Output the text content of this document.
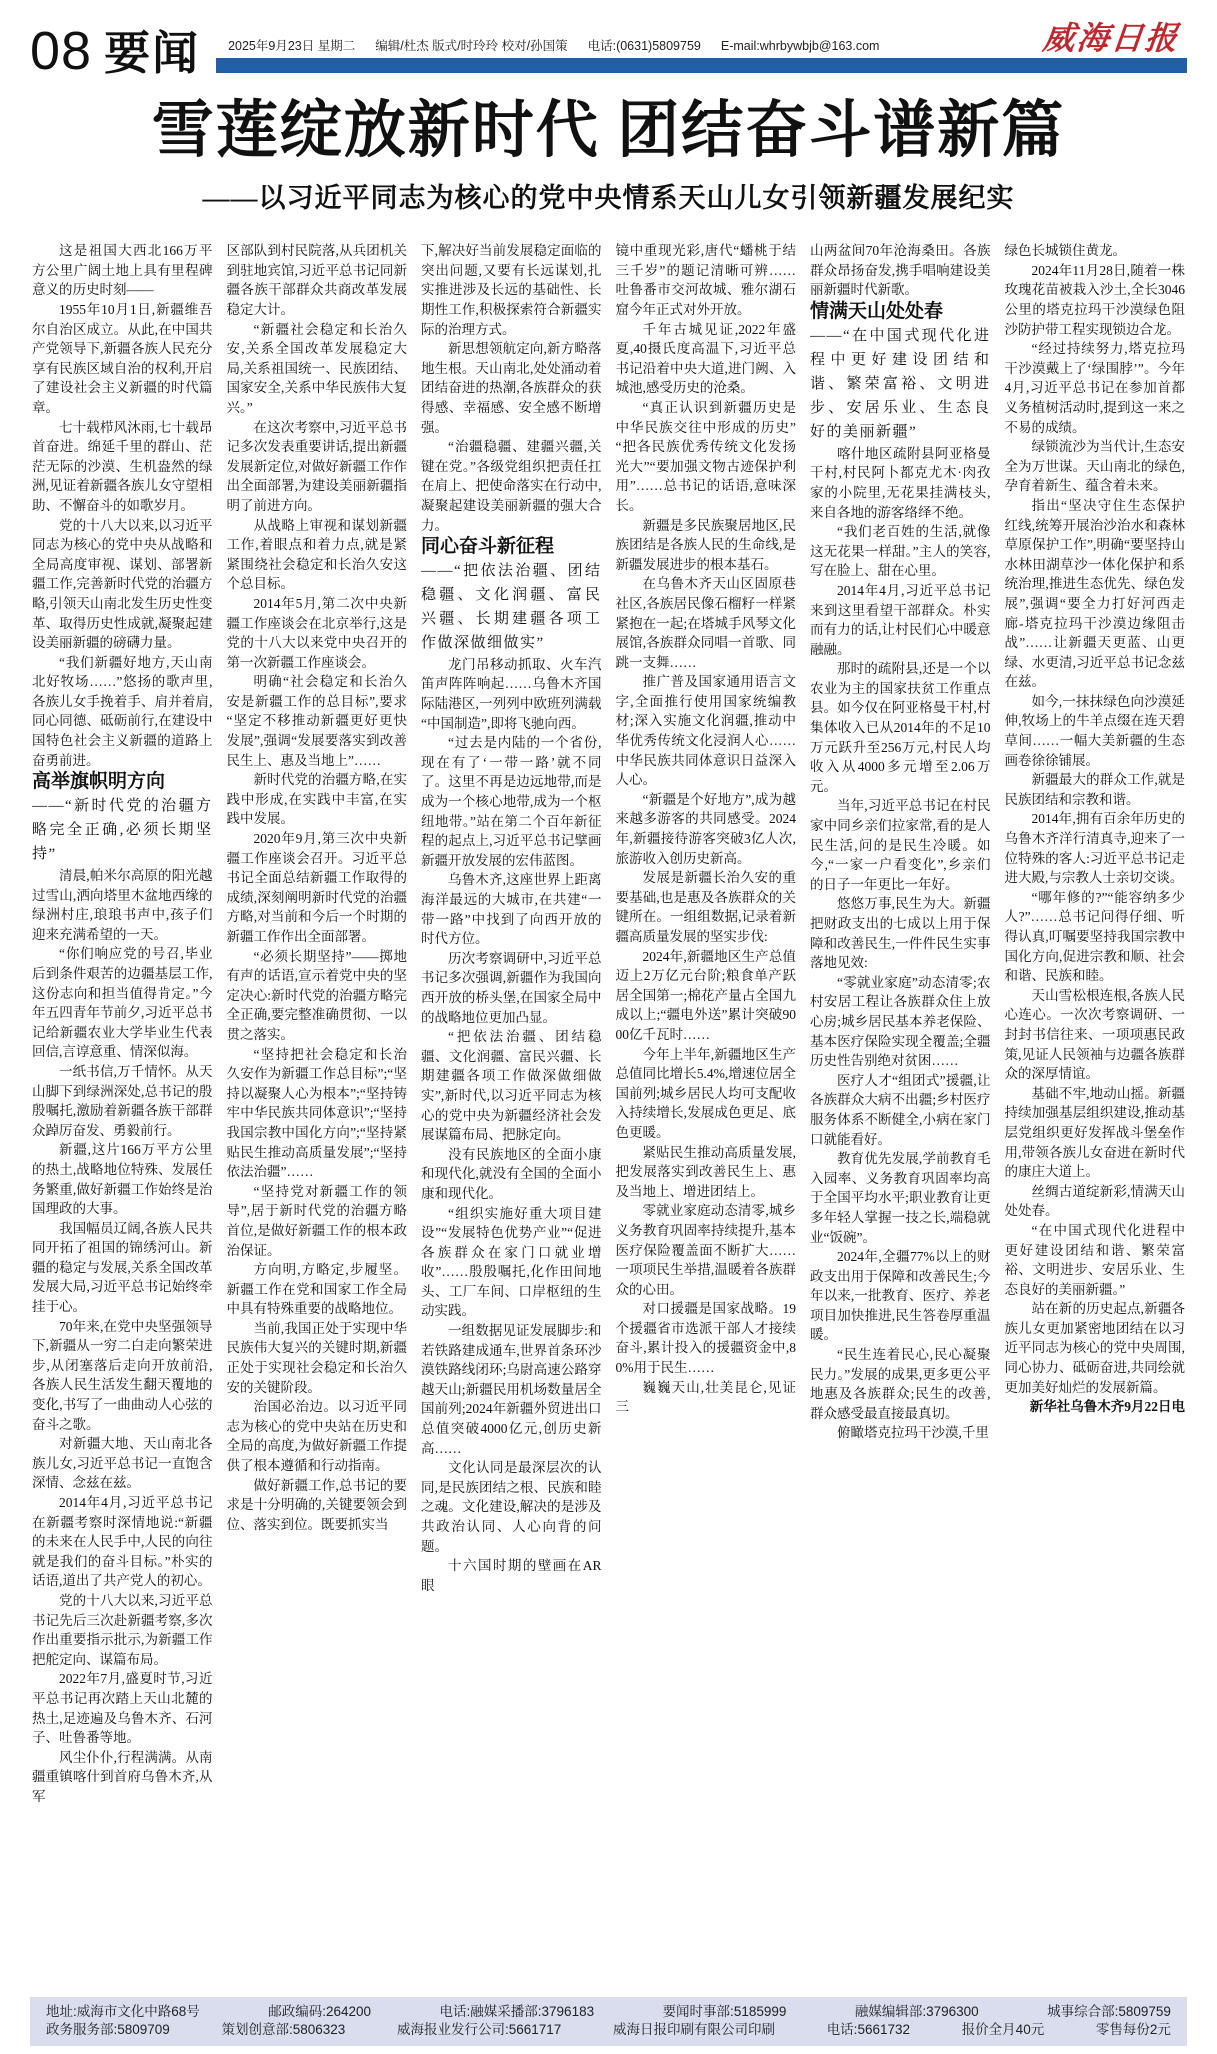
08 要闻 2025年9月23日 星期二 编辑/杜杰 版式/时玲玲 校对/孙国策 电话:(0631)5809759 E-mail:whrbywbjb@163.com	威海日报
雪莲绽放新时代 团结奋斗谱新篇
——以习近平同志为核心的党中央情系天山儿女引领新疆发展纪实

这是祖国大西北166万平方公里广阔土地上具有里程碑意义的历史时刻——

1955年10月1日,新疆维吾尔自治区成立。从此,在中国共产党领导下,新疆各族人民充分享有民族区域自治的权利,开启了建设社会主义新疆的时代篇章。

七十载栉风沐雨,七十载昂首奋进。绵延千里的群山、茫茫无际的沙漠、生机盎然的绿洲,见证着新疆各族儿女守望相助、不懈奋斗的如歌岁月。

党的十八大以来,以习近平同志为核心的党中央从战略和全局高度审视、谋划、部署新疆工作,完善新时代党的治疆方略,引领天山南北发生历史性变革、取得历史性成就,凝聚起建设美丽新疆的磅礴力量。

“我们新疆好地方,天山南北好牧场……”悠扬的歌声里,各族儿女手挽着手、肩并着肩,同心同德、砥砺前行,在建设中国特色社会主义新疆的道路上奋勇前进。

高举旗帜明方向

——“新时代党的治疆方略完全正确,必须长期坚持”

清晨,帕米尔高原的阳光越过雪山,洒向塔里木盆地西缘的绿洲村庄,琅琅书声中,孩子们迎来充满希望的一天。

“你们响应党的号召,毕业后到条件艰苦的边疆基层工作,这份志向和担当值得肯定。”今年五四青年节前夕,习近平总书记给新疆农业大学毕业生代表回信,言谆意重、情深似海。

一纸书信,万千情怀。从天山脚下到绿洲深处,总书记的殷殷嘱托,激励着新疆各族干部群众踔厉奋发、勇毅前行。

新疆,这片166万平方公里的热土,战略地位特殊、发展任务繁重,做好新疆工作始终是治国理政的大事。

我国幅员辽阔,各族人民共同开拓了祖国的锦绣河山。新疆的稳定与发展,关系全国改革发展大局,习近平总书记始终牵挂于心。

70年来,在党中央坚强领导下,新疆从一穷二白走向繁荣进步,从闭塞落后走向开放前沿,各族人民生活发生翻天覆地的变化,书写了一曲曲动人心弦的奋斗之歌。

对新疆大地、天山南北各族儿女,习近平总书记一直饱含深情、念兹在兹。

2014年4月,习近平总书记在新疆考察时深情地说:“新疆的未来在人民手中,人民的向往就是我们的奋斗目标。”朴实的话语,道出了共产党人的初心。

党的十八大以来,习近平总书记先后三次赴新疆考察,多次作出重要指示批示,为新疆工作把舵定向、谋篇布局。

2022年7月,盛夏时节,习近平总书记再次踏上天山北麓的热土,足迹遍及乌鲁木齐、石河子、吐鲁番等地。

风尘仆仆,行程满满。从南疆重镇喀什到首府乌鲁木齐,从军

区部队到村民院落,从兵团机关到驻地宾馆,习近平总书记同新疆各族干部群众共商改革发展稳定大计。

“新疆社会稳定和长治久安,关系全国改革发展稳定大局,关系祖国统一、民族团结、国家安全,关系中华民族伟大复兴。”

在这次考察中,习近平总书记多次发表重要讲话,提出新疆发展新定位,对做好新疆工作作出全面部署,为建设美丽新疆指明了前进方向。

从战略上审视和谋划新疆工作,着眼点和着力点,就是紧紧围绕社会稳定和长治久安这个总目标。

2014年5月,第二次中央新疆工作座谈会在北京举行,这是党的十八大以来党中央召开的第一次新疆工作座谈会。

明确“社会稳定和长治久安是新疆工作的总目标”,要求“坚定不移推动新疆更好更快发展”,强调“发展要落实到改善民生上、惠及当地上”……

新时代党的治疆方略,在实践中形成,在实践中丰富,在实践中发展。

2020年9月,第三次中央新疆工作座谈会召开。习近平总书记全面总结新疆工作取得的成绩,深刻阐明新时代党的治疆方略,对当前和今后一个时期的新疆工作作出全面部署。

“必须长期坚持”——掷地有声的话语,宣示着党中央的坚定决心:新时代党的治疆方略完全正确,要完整准确贯彻、一以贯之落实。

“坚持把社会稳定和长治久安作为新疆工作总目标”;“坚持以凝聚人心为根本”;“坚持铸牢中华民族共同体意识”;“坚持我国宗教中国化方向”;“坚持紧贴民生推动高质量发展”;“坚持依法治疆”……

“坚持党对新疆工作的领导”,居于新时代党的治疆方略首位,是做好新疆工作的根本政治保证。

方向明,方略定,步履坚。新疆工作在党和国家工作全局中具有特殊重要的战略地位。

当前,我国正处于实现中华民族伟大复兴的关键时期,新疆正处于实现社会稳定和长治久安的关键阶段。

治国必治边。以习近平同志为核心的党中央站在历史和全局的高度,为做好新疆工作提供了根本遵循和行动指南。

做好新疆工作,总书记的要求是十分明确的,关键要领会到位、落实到位。既要抓实当

下,解决好当前发展稳定面临的突出问题,又要有长远谋划,扎实推进涉及长远的基础性、长期性工作,积极探索符合新疆实际的治理方式。

新思想领航定向,新方略落地生根。天山南北,处处涌动着团结奋进的热潮,各族群众的获得感、幸福感、安全感不断增强。

“治疆稳疆、建疆兴疆,关键在党。”各级党组织把责任扛在肩上、把使命落实在行动中,凝聚起建设美丽新疆的强大合力。

同心奋斗新征程

——“把依法治疆、团结稳疆、文化润疆、富民兴疆、长期建疆各项工作做深做细做实”

龙门吊移动抓取、火车汽笛声阵阵响起……乌鲁木齐国际陆港区,一列列中欧班列满载“中国制造”,即将飞驰向西。

“过去是内陆的一个省份,现在有了‘一带一路’就不同了。这里不再是边远地带,而是成为一个核心地带,成为一个枢纽地带。”站在第二个百年新征程的起点上,习近平总书记擘画新疆开放发展的宏伟蓝图。

乌鲁木齐,这座世界上距离海洋最远的大城市,在共建“一带一路”中找到了向西开放的时代方位。

历次考察调研中,习近平总书记多次强调,新疆作为我国向西开放的桥头堡,在国家全局中的战略地位更加凸显。

“把依法治疆、团结稳疆、文化润疆、富民兴疆、长期建疆各项工作做深做细做实”,新时代,以习近平同志为核心的党中央为新疆经济社会发展谋篇布局、把脉定向。

没有民族地区的全面小康和现代化,就没有全国的全面小康和现代化。

“组织实施好重大项目建设”“发展特色优势产业”“促进各族群众在家门口就业增收”……殷殷嘱托,化作田间地头、工厂车间、口岸枢纽的生动实践。

一组数据见证发展脚步:和若铁路建成通车,世界首条环沙漠铁路线闭环;乌尉高速公路穿越天山;新疆民用机场数量居全国前列;2024年新疆外贸进出口总值突破4000亿元,创历史新高……

文化认同是最深层次的认同,是民族团结之根、民族和睦之魂。文化建设,解决的是涉及共政治认同、人心向背的问题。

十六国时期的壁画在AR眼

镜中重现光彩,唐代“蟠桃于结三千岁”的题记清晰可辨……吐鲁番市交河故城、雅尔湖石窟今年正式对外开放。

千年古城见证,2022年盛夏,40摄氏度高温下,习近平总书记沿着中央大道,进门阙、入城池,感受历史的沧桑。

“真正认识到新疆历史是中华民族交往中形成的历史”“把各民族优秀传统文化发扬光大”“要加强文物古迹保护利用”……总书记的话语,意味深长。

新疆是多民族聚居地区,民族团结是各族人民的生命线,是新疆发展进步的根本基石。

在乌鲁木齐天山区固原巷社区,各族居民像石榴籽一样紧紧抱在一起;在塔城手风琴文化展馆,各族群众同唱一首歌、同跳一支舞……

推广普及国家通用语言文字,全面推行使用国家统编教材;深入实施文化润疆,推动中华优秀传统文化浸润人心……中华民族共同体意识日益深入人心。

“新疆是个好地方”,成为越来越多游客的共同感受。2024年,新疆接待游客突破3亿人次,旅游收入创历史新高。

发展是新疆长治久安的重要基础,也是惠及各族群众的关键所在。一组组数据,记录着新疆高质量发展的坚实步伐:

2024年,新疆地区生产总值迈上2万亿元台阶;粮食单产跃居全国第一;棉花产量占全国九成以上;“疆电外送”累计突破9000亿千瓦时……

今年上半年,新疆地区生产总值同比增长5.4%,增速位居全国前列;城乡居民人均可支配收入持续增长,发展成色更足、底色更暖。

紧贴民生推动高质量发展,把发展落实到改善民生上、惠及当地上、增进团结上。

零就业家庭动态清零,城乡义务教育巩固率持续提升,基本医疗保险覆盖面不断扩大……一项项民生举措,温暖着各族群众的心田。

对口援疆是国家战略。19个援疆省市选派干部人才接续奋斗,累计投入的援疆资金中,80%用于民生……

巍巍天山,壮美昆仑,见证三

山两盆间70年沧海桑田。各族群众昂扬奋发,携手唱响建设美丽新疆时代新歌。

情满天山处处春

——“在中国式现代化进程中更好建设团结和谐、繁荣富裕、文明进步、安居乐业、生态良好的美丽新疆”

喀什地区疏附县阿亚格曼干村,村民阿卜都克尤木·肉孜家的小院里,无花果挂满枝头,来自各地的游客络绎不绝。

“我们老百姓的生活,就像这无花果一样甜。”主人的笑容,写在脸上、甜在心里。

2014年4月,习近平总书记来到这里看望干部群众。朴实而有力的话,让村民们心中暖意融融。

那时的疏附县,还是一个以农业为主的国家扶贫工作重点县。如今仅在阿亚格曼干村,村集体收入已从2014年的不足10万元跃升至256万元,村民人均收入从4000多元增至2.06万元。

当年,习近平总书记在村民家中同乡亲们拉家常,看的是人民生活,问的是民生冷暖。如今,“一家一户看变化”,乡亲们的日子一年更比一年好。

悠悠万事,民生为大。新疆把财政支出的七成以上用于保障和改善民生,一件件民生实事落地见效:

“零就业家庭”动态清零;农村安居工程让各族群众住上放心房;城乡居民基本养老保险、基本医疗保险实现全覆盖;全疆历史性告别绝对贫困……

医疗人才“组团式”援疆,让各族群众大病不出疆;乡村医疗服务体系不断健全,小病在家门口就能看好。

教育优先发展,学前教育毛入园率、义务教育巩固率均高于全国平均水平;职业教育让更多年轻人掌握一技之长,端稳就业“饭碗”。

2024年,全疆77%以上的财政支出用于保障和改善民生;今年以来,一批教育、医疗、养老项目加快推进,民生答卷厚重温暖。

“民生连着民心,民心凝聚民力。”发展的成果,更多更公平地惠及各族群众;民生的改善,群众感受最直接最真切。

俯瞰塔克拉玛干沙漠,千里

绿色长城锁住黄龙。

2024年11月28日,随着一株玫瑰花苗被栽入沙土,全长3046公里的塔克拉玛干沙漠绿色阻沙防护带工程实现锁边合龙。

“经过持续努力,塔克拉玛干沙漠戴上了‘绿围脖’”。今年4月,习近平总书记在参加首都义务植树活动时,提到这一来之不易的成绩。

绿锁流沙为当代计,生态安全为万世谋。天山南北的绿色,孕育着新生、蕴含着未来。

指出“坚决守住生态保护红线,统筹开展治沙治水和森林草原保护工作”,明确“要坚持山水林田湖草沙一体化保护和系统治理,推进生态优先、绿色发展”,强调“要全力打好河西走廊-塔克拉玛干沙漠边缘阻击战”……让新疆天更蓝、山更绿、水更清,习近平总书记念兹在兹。

如今,一抹抹绿色向沙漠延伸,牧场上的牛羊点缀在连天碧草间……一幅大美新疆的生态画卷徐徐铺展。

新疆最大的群众工作,就是民族团结和宗教和谐。

2014年,拥有百余年历史的乌鲁木齐洋行清真寺,迎来了一位特殊的客人:习近平总书记走进大殿,与宗教人士亲切交谈。

“哪年修的?”“能容纳多少人?”……总书记问得仔细、听得认真,叮嘱要坚持我国宗教中国化方向,促进宗教和顺、社会和谐、民族和睦。

天山雪松根连根,各族人民心连心。一次次考察调研、一封封书信往来、一项项惠民政策,见证人民领袖与边疆各族群众的深厚情谊。

基础不牢,地动山摇。新疆持续加强基层组织建设,推动基层党组织更好发挥战斗堡垒作用,带领各族儿女奋进在新时代的康庄大道上。

丝绸古道绽新彩,情满天山处处春。

“在中国式现代化进程中更好建设团结和谐、繁荣富裕、文明进步、安居乐业、生态良好的美丽新疆。”

站在新的历史起点,新疆各族儿女更加紧密地团结在以习近平同志为核心的党中央周围,同心协力、砥砺奋进,共同绘就更加美好灿烂的发展新篇。

新华社乌鲁木齐9月22日电

地址:威海市文化中路68号	邮政编码:264200	电话:融媒采播部:3796183	要闻时事部:5185999	融媒编辑部:3796300	城事综合部:5809759
政务服务部:5809709	策划创意部:5806323	威海报业发行公司:5661717	威海日报印刷有限公司印刷	电话:5661732	报价全月40元	零售每份2元
